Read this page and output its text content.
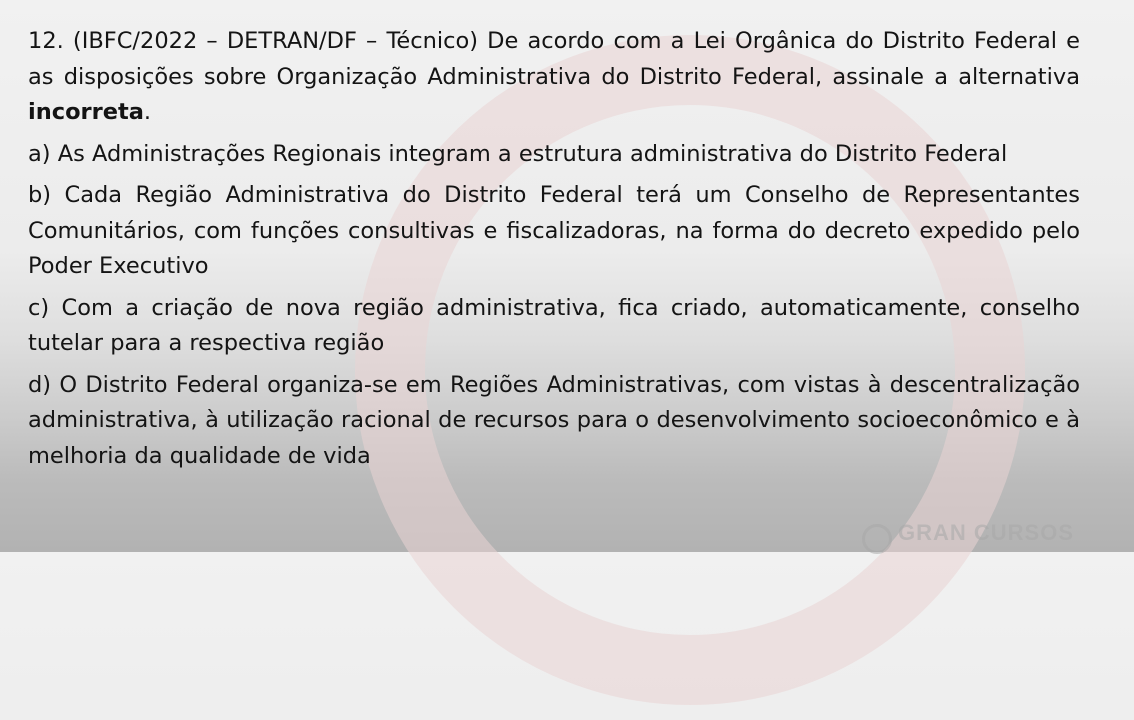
12. (IBFC/2022 – DETRAN/DF – Técnico) De acordo com a Lei Orgânica do Distrito Federal e as disposições sobre Organização Administrativa do Distrito Federal, assinale a alternativa incorreta.

a) As Administrações Regionais integram a estrutura administrativa do Distrito Federal

b) Cada Região Administrativa do Distrito Federal terá um Conselho de Representantes Comunitários, com funções consultivas e fiscalizadoras, na forma do decreto expedido pelo Poder Executivo

c) Com a criação de nova região administrativa, fica criado, automaticamente, conselho tutelar para a respectiva região

d) O Distrito Federal organiza-se em Regiões Administrativas, com vistas à descentralização administrativa, à utilização racional de recursos para o desenvolvimento socioeconômico e à melhoria da qualidade de vida

GRAN CURSOS
